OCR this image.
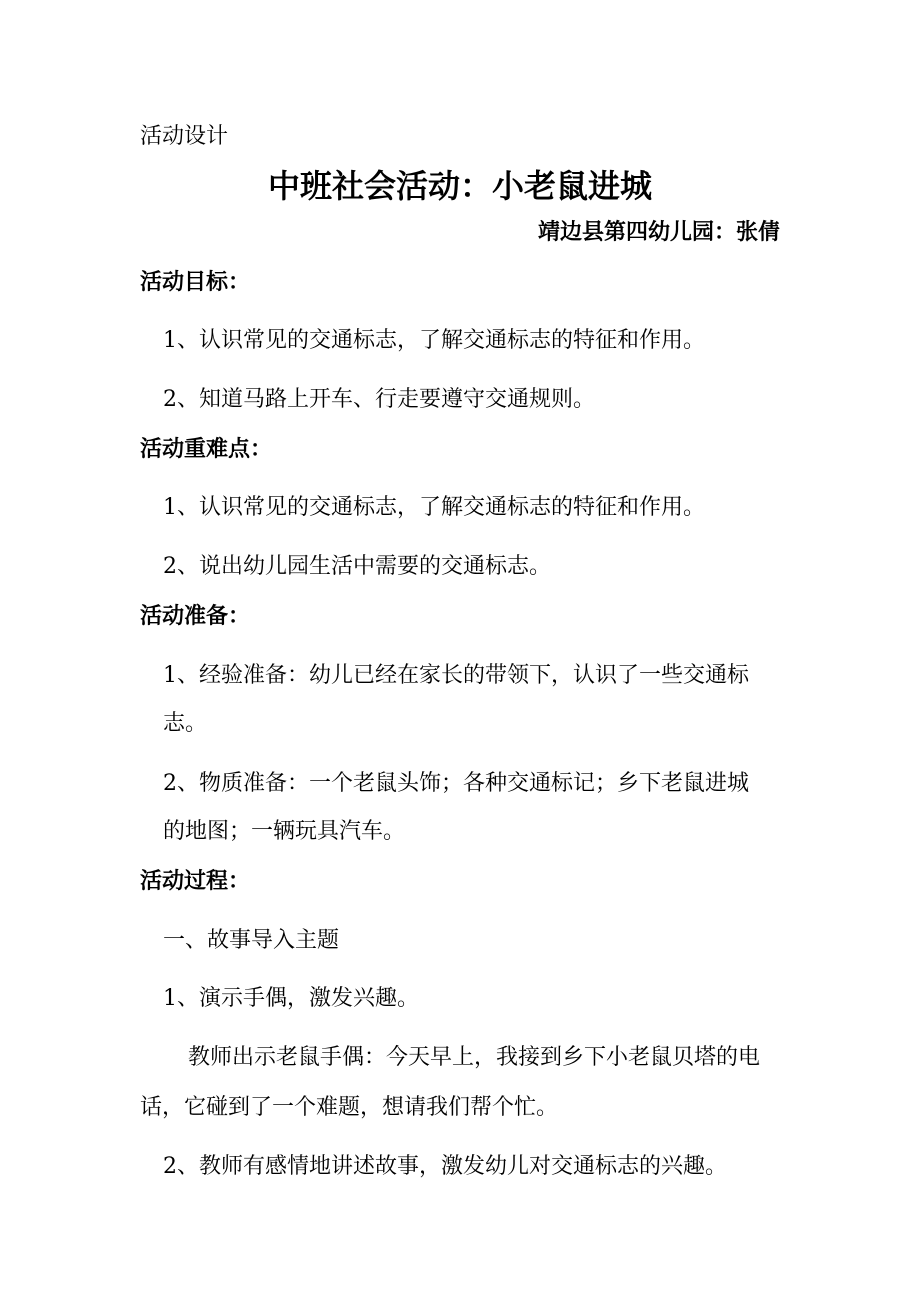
活动设计
中班社会活动：小老鼠进城
靖边县第四幼儿园：张倩
活动目标：
1、认识常见的交通标志，了解交通标志的特征和作用。
2、知道马路上开车、行走要遵守交通规则。
活动重难点：
1、认识常见的交通标志，了解交通标志的特征和作用。
2、说出幼儿园生活中需要的交通标志。
活动准备：
1、经验准备：幼儿已经在家长的带领下，认识了一些交通标
志。
2、物质准备：一个老鼠头饰；各种交通标记；乡下老鼠进城
的地图；一辆玩具汽车。
活动过程：
一、故事导入主题
1、演示手偶，激发兴趣。
教师出示老鼠手偶：今天早上，我接到乡下小老鼠贝塔的电
话，它碰到了一个难题，想请我们帮个忙。
2、教师有感情地讲述故事，激发幼儿对交通标志的兴趣。
